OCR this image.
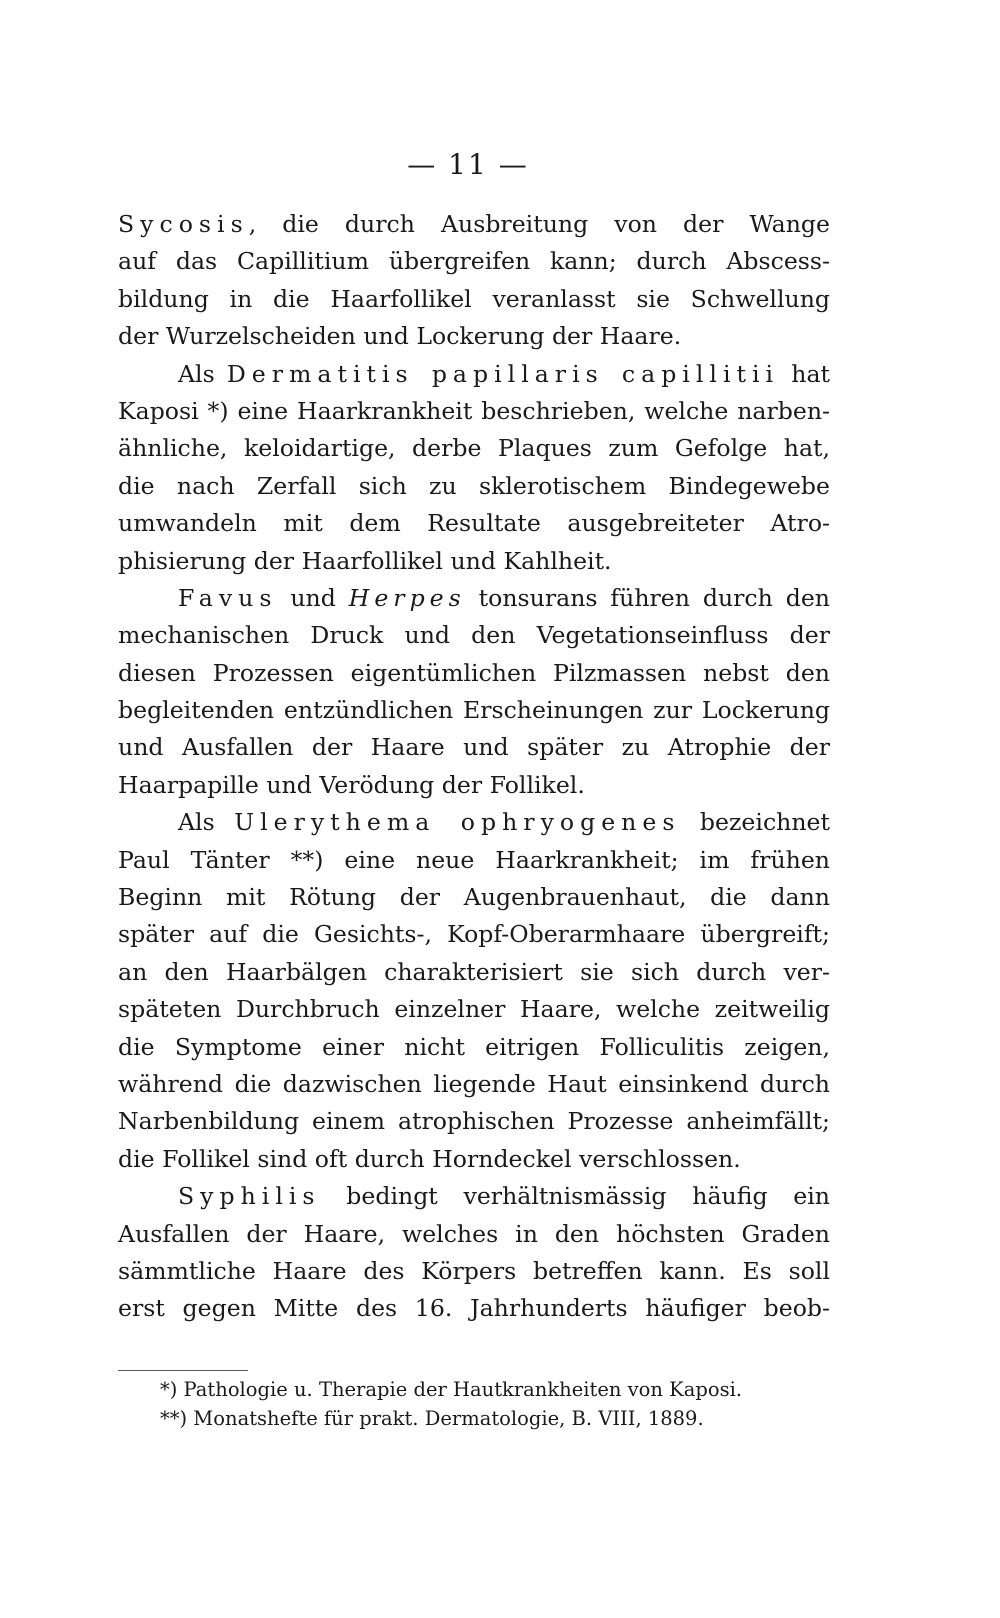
— 11 —
Sycosis, die durch Ausbreitung von der Wange
auf das Capillitium übergreifen kann; durch Abscess-
bildung in die Haarfollikel veranlasst sie Schwellung
der Wurzelscheiden und Lockerung der Haare.
Als Dermatitis papillaris capillitii hat
Kaposi *) eine Haarkrankheit beschrieben, welche narben-
ähnliche, keloidartige, derbe Plaques zum Gefolge hat,
die nach Zerfall sich zu sklerotischem Bindegewebe
umwandeln mit dem Resultate ausgebreiteter Atro-
phisierung der Haarfollikel und Kahlheit.
Favus und Herpes tonsurans führen durch den
mechanischen Druck und den Vegetationseinfluss der
diesen Prozessen eigentümlichen Pilzmassen nebst den
begleitenden entzündlichen Erscheinungen zur Lockerung
und Ausfallen der Haare und später zu Atrophie der
Haarpapille und Verödung der Follikel.
Als Ulerythema ophryogenes bezeichnet
Paul Tänter **) eine neue Haarkrankheit; im frühen
Beginn mit Rötung der Augenbrauenhaut, die dann
später auf die Gesichts-, Kopf-Oberarmhaare übergreift;
an den Haarbälgen charakterisiert sie sich durch ver-
späteten Durchbruch einzelner Haare, welche zeitweilig
die Symptome einer nicht eitrigen Folliculitis zeigen,
während die dazwischen liegende Haut einsinkend durch
Narbenbildung einem atrophischen Prozesse anheimfällt;
die Follikel sind oft durch Horndeckel verschlossen.
Syphilis bedingt verhältnismässig häufig ein
Ausfallen der Haare, welches in den höchsten Graden
sämmtliche Haare des Körpers betreffen kann. Es soll
erst gegen Mitte des 16. Jahrhunderts häufiger beob-
*) Pathologie u. Therapie der Hautkrankheiten von Kaposi.
**) Monatshefte für prakt. Dermatologie, B. VIII, 1889.
